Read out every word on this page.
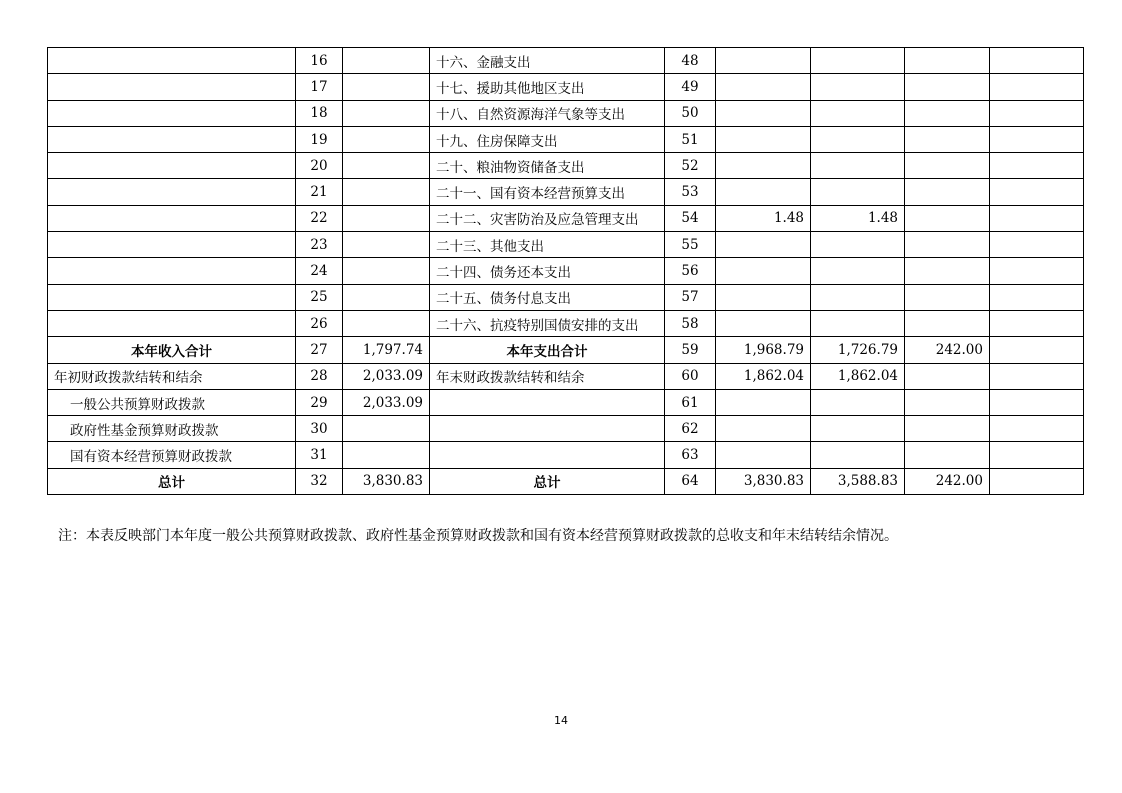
	16		十六、金融支出	48				
	17		十七、援助其他地区支出	49				
	18		十八、自然资源海洋气象等支出	50				
	19		十九、住房保障支出	51				
	20		二十、粮油物资储备支出	52				
	21		二十一、国有资本经营预算支出	53				
	22		二十二、灾害防治及应急管理支出	54	1.48	1.48		
	23		二十三、其他支出	55				
	24		二十四、债务还本支出	56				
	25		二十五、债务付息支出	57				
	26		二十六、抗疫特别国债安排的支出	58				
本年收入合计	27	1,797.74	本年支出合计	59	1,968.79	1,726.79	242.00	
年初财政拨款结转和结余	28	2,033.09	年末财政拨款结转和结余	60	1,862.04	1,862.04		
一般公共预算财政拨款	29	2,033.09		61				
政府性基金预算财政拨款	30			62				
国有资本经营预算财政拨款	31			63				
总计	32	3,830.83	总计	64	3,830.83	3,588.83	242.00	
注：本表反映部门本年度一般公共预算财政拨款、政府性基金预算财政拨款和国有资本经营预算财政拨款的总收支和年末结转结余情况。
14
